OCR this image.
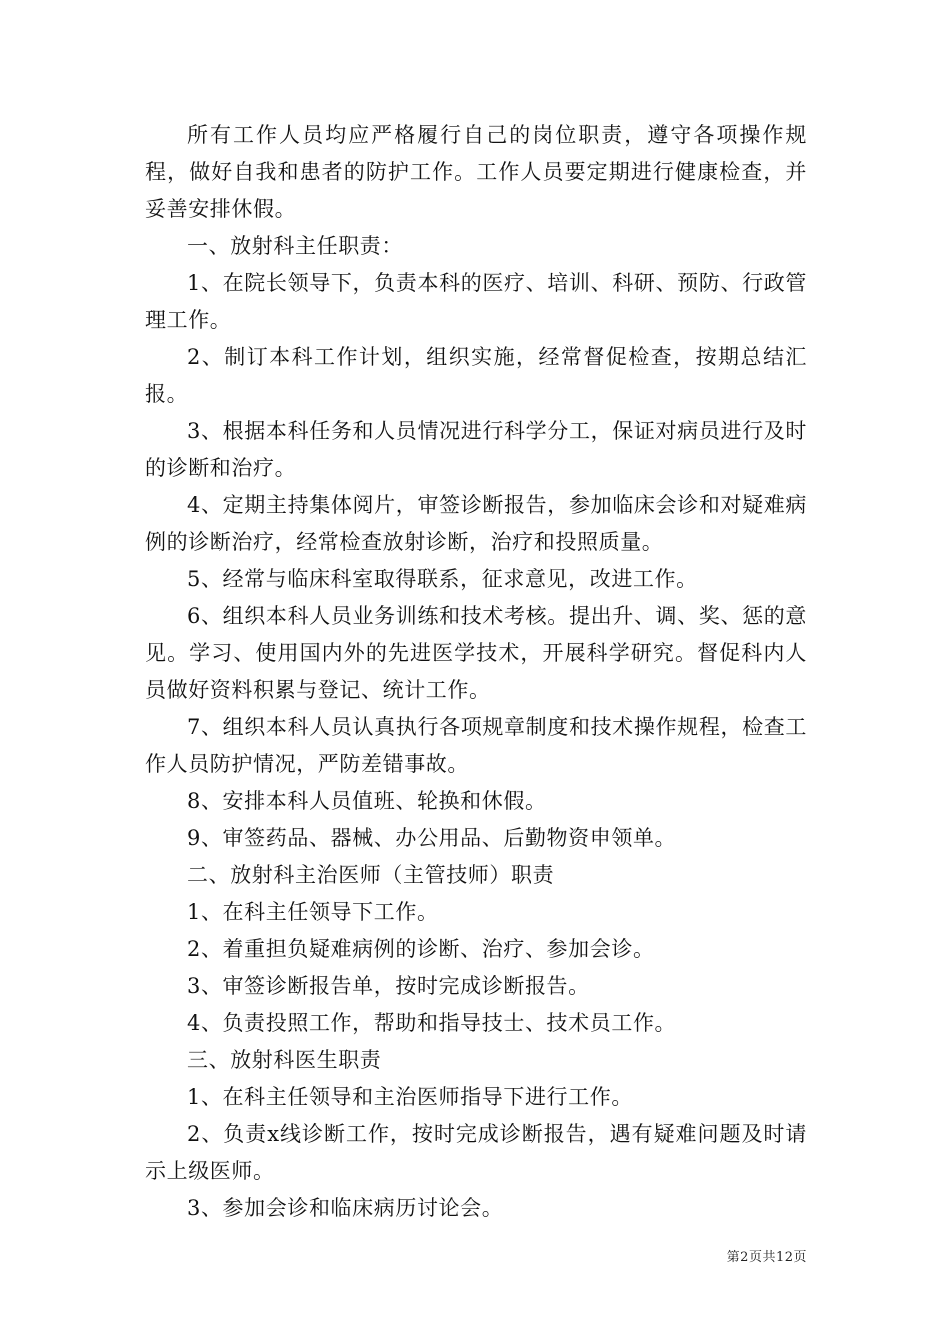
所有工作人员均应严格履行自己的岗位职责，遵守各项操作规程，做好自我和患者的防护工作。工作人员要定期进行健康检查，并妥善安排休假。

一、放射科主任职责：

1、在院长领导下，负责本科的医疗、培训、科研、预防、行政管理工作。

2、制订本科工作计划，组织实施，经常督促检查，按期总结汇报。

3、根据本科任务和人员情况进行科学分工，保证对病员进行及时的诊断和治疗。

4、定期主持集体阅片，审签诊断报告，参加临床会诊和对疑难病例的诊断治疗，经常检查放射诊断，治疗和投照质量。

5、经常与临床科室取得联系，征求意见，改进工作。

6、组织本科人员业务训练和技术考核。提出升、调、奖、惩的意见。学习、使用国内外的先进医学技术，开展科学研究。督促科内人员做好资料积累与登记、统计工作。

7、组织本科人员认真执行各项规章制度和技术操作规程，检查工作人员防护情况，严防差错事故。

8、安排本科人员值班、轮换和休假。

9、审签药品、器械、办公用品、后勤物资申领单。

二、放射科主治医师（主管技师）职责

1、在科主任领导下工作。

2、着重担负疑难病例的诊断、治疗、参加会诊。

3、审签诊断报告单，按时完成诊断报告。

4、负责投照工作，帮助和指导技士、技术员工作。

三、放射科医生职责

1、在科主任领导和主治医师指导下进行工作。

2、负责x线诊断工作，按时完成诊断报告，遇有疑难问题及时请示上级医师。

3、参加会诊和临床病历讨论会。

第2页共12页
